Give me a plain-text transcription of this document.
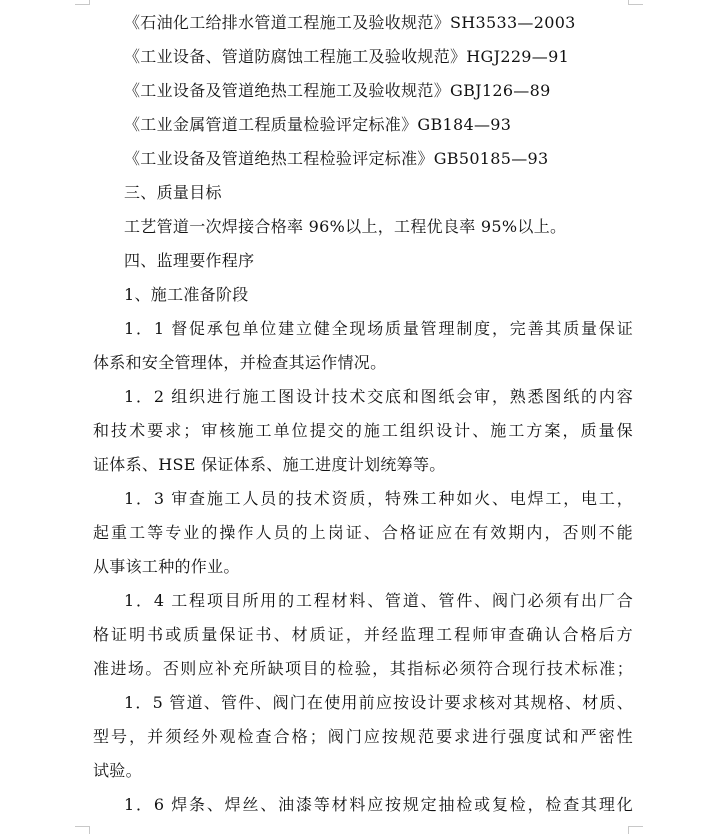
《石油化工给排水管道工程施工及验收规范》SH3533—2003
《工业设备、管道防腐蚀工程施工及验收规范》HGJ229—91
《工业设备及管道绝热工程施工及验收规范》GBJ126—89
《工业金属管道工程质量检验评定标准》GB184—93
《工业设备及管道绝热工程检验评定标准》GB50185—93
三、质量目标
工艺管道一次焊接合格率 96%以上，工程优良率 95%以上。
四、监理要作程序
1、施工准备阶段
1．1 督促承包单位建立健全现场质量管理制度，完善其质量保证
体系和安全管理体，并检查其运作情况。
1．2 组织进行施工图设计技术交底和图纸会审，熟悉图纸的内容
和技术要求；审核施工单位提交的施工组织设计、施工方案，质量保
证体系、HSE 保证体系、施工进度计划统筹等。
1．3 审查施工人员的技术资质，特殊工种如火、电焊工，电工，
起重工等专业的操作人员的上岗证、合格证应在有效期内，否则不能
从事该工种的作业。
1．4 工程项目所用的工程材料、管道、管件、阀门必须有出厂合
格证明书或质量保证书、材质证，并经监理工程师审查确认合格后方
准进场。否则应补充所缺项目的检验，其指标必须符合现行技术标准；
1．5 管道、管件、阀门在使用前应按设计要求核对其规格、材质、
型号，并须经外观检查合格；阀门应按规范要求进行强度试和严密性
试验。
1．6 焊条、焊丝、油漆等材料应按规定抽检或复检，检查其理化
